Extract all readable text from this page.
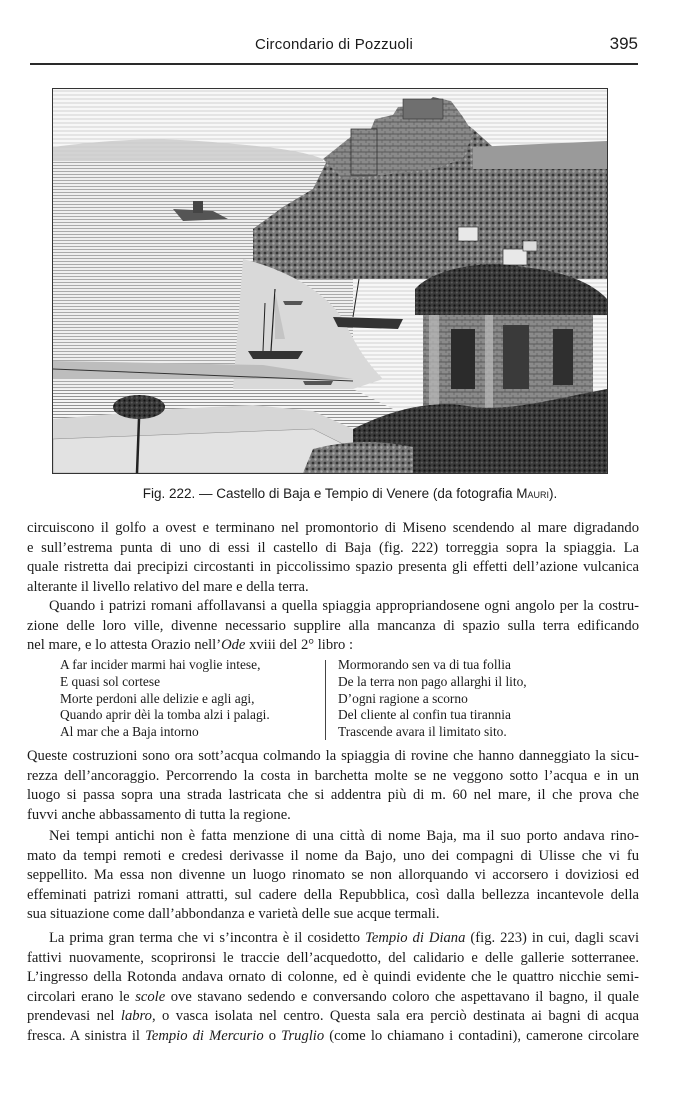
Circondario di Pozzuoli	395
Fig. 222. — Castello di Baja e Tempio di Venere (da fotografia Mauri).
circuiscono il golfo a ovest e terminano nel promontorio di Miseno scendendo al mare digradando
e sull’estrema punta di uno di essi il castello di Baja (fig. 222) torreggia sopra la spiaggia. La
quale ristretta dai precipizi circostanti in piccolissimo spazio presenta gli effetti dell’azione vulcanica
alterante il livello relativo del mare e della terra.
Quando i patrizi romani affollavansi a quella spiaggia appropriandosene ogni angolo per la costru-
zione delle loro ville, divenne necessario supplire alla mancanza di spazio sulla terra edificando
nel mare, e lo attesta Orazio nell’Ode xviii del 2° libro :
A far incider marmi hai voglie intese,
E quasi sol cortese
Morte perdoni alle delizie e agli agi,
Quando aprir dèi la tomba alzi i palagi.
Al mar che a Baja intorno
Mormorando sen va di tua follia
De la terra non pago allarghi il lito,
D’ogni ragione a scorno
Del cliente al confin tua tirannia
Trascende avara il limitato sito.
Queste costruzioni sono ora sott’acqua colmando la spiaggia di rovine che hanno danneggiato la sicu-
rezza dell’ancoraggio. Percorrendo la costa in barchetta molte se ne veggono sotto l’acqua e in un
luogo si passa sopra una strada lastricata che si addentra più di m. 60 nel mare, il che prova che
fuvvi anche abbassamento di tutta la regione.
Nei tempi antichi non è fatta menzione di una città di nome Baja, ma il suo porto andava rino-
mato da tempi remoti e credesi derivasse il nome da Bajo, uno dei compagni di Ulisse che vi fu
seppellito. Ma essa non divenne un luogo rinomato se non allorquando vi accorsero i doviziosi ed
effeminati patrizi romani attratti, sul cadere della Repubblica, così dalla bellezza incantevole della
sua situazione come dall’abbondanza e varietà delle sue acque termali.
La prima gran terma che vi s’incontra è il cosidetto Tempio di Diana (fig. 223) in cui, dagli scavi
fattivi nuovamente, scoprironsi le traccie dell’acquedotto, del calidario e delle gallerie sotterranee.
L’ingresso della Rotonda andava ornato di colonne, ed è quindi evidente che le quattro nicchie semi-
circolari erano le scole ove stavano sedendo e conversando coloro che aspettavano il bagno, il quale
prendevasi nel labro, o vasca isolata nel centro. Questa sala era perciò destinata ai bagni di acqua
fresca. A sinistra il Tempio di Mercurio o Truglio (come lo chiamano i contadini), camerone circolare
